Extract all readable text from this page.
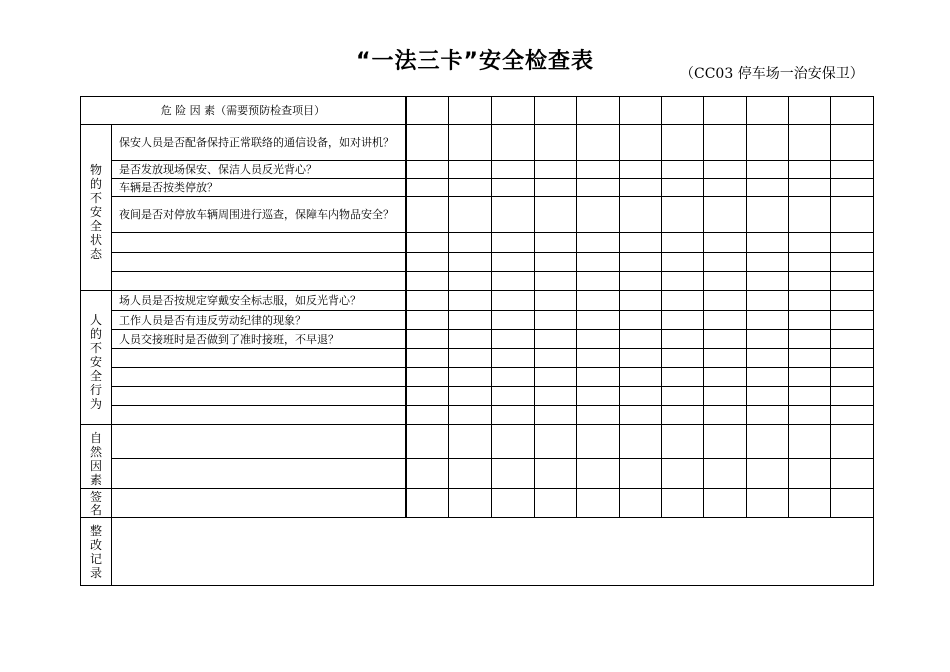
“一法三卡”安全检查表	（CC03 停车场一治安保卫）
危 险 因 素（需要预防检查项目）												

物的不安全状态	保安人员是否配备保持正常联络的通信设备，如对讲机？											
	是否发放现场保安、保洁人员反光背心？											
	车辆是否按类停放？											
	夜间是否对停放车辆周围进行巡查，保障车内物品安全？											

人的不安全行为	场人员是否按规定穿戴安全标志服，如反光背心？											
	工作人员是否有违反劳动纪律的现象？											
	人员交接班时是否做到了准时接班，不早退？											

自然因素												

签名												

整改记录												
